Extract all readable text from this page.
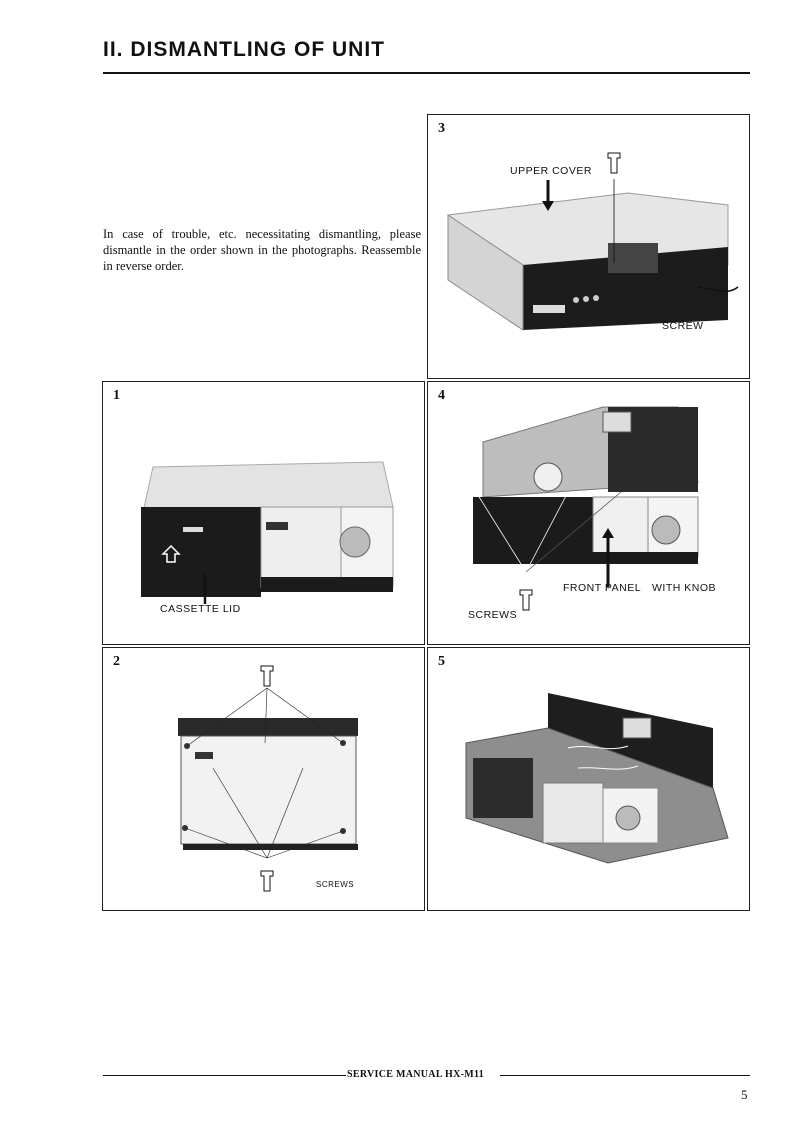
II. DISMANTLING OF UNIT
In case of trouble, etc. necessitating dismantling, please dismantle in the order shown in the photographs. Reassemble in reverse order.
3
UPPER COVER
SCREW
1
CASSETTE LID
4
FRONT PANEL WITH KNOB
SCREWS
2
SCREWS
5
SERVICE MANUAL HX-M11
5
